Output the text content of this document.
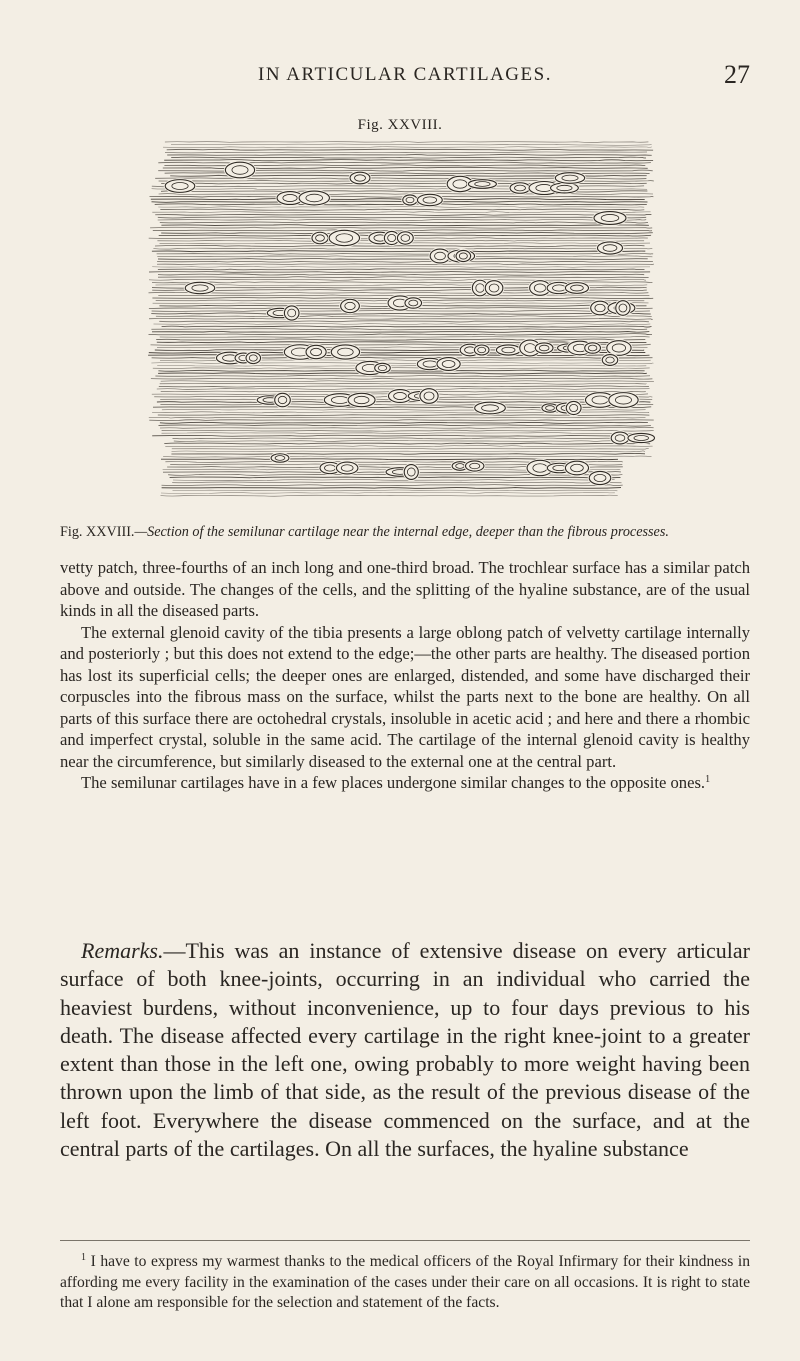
IN ARTICULAR CARTILAGES.	27
Fig. XXVIII.
Fig. XXVIII.—Section of the semilunar cartilage near the internal edge, deeper than the fibrous processes.

vetty patch, three-fourths of an inch long and one-third broad. The trochlear surface has a similar patch above and outside. The changes of the cells, and the splitting of the hyaline substance, are of the usual kinds in all the diseased parts.

The external glenoid cavity of the tibia presents a large oblong patch of velvetty cartilage internally and posteriorly ; but this does not extend to the edge;—the other parts are healthy. The diseased portion has lost its superficial cells; the deeper ones are enlarged, distended, and some have discharged their corpuscles into the fibrous mass on the surface, whilst the parts next to the bone are healthy. On all parts of this surface there are octohedral crystals, insoluble in acetic acid ; and here and there a rhombic and imperfect crystal, soluble in the same acid. The cartilage of the internal glenoid cavity is healthy near the circumference, but similarly diseased to the external one at the central part.

The semilunar cartilages have in a few places undergone similar changes to the opposite ones.$^1$

Remarks.—This was an instance of extensive disease on every articular surface of both knee-joints, occurring in an individual who carried the heaviest burdens, without inconvenience, up to four days previous to his death. The disease affected every cartilage in the right knee-joint to a greater extent than those in the left one, owing probably to more weight having been thrown upon the limb of that side, as the result of the previous disease of the left foot. Everywhere the disease commenced on the surface, and at the central parts of the cartilages. On all the surfaces, the hyaline substance

$^1$ I have to express my warmest thanks to the medical officers of the Royal Infirmary for their kindness in affording me every facility in the examination of the cases under their care on all occasions. It is right to state that I alone am responsible for the selection and statement of the facts.
